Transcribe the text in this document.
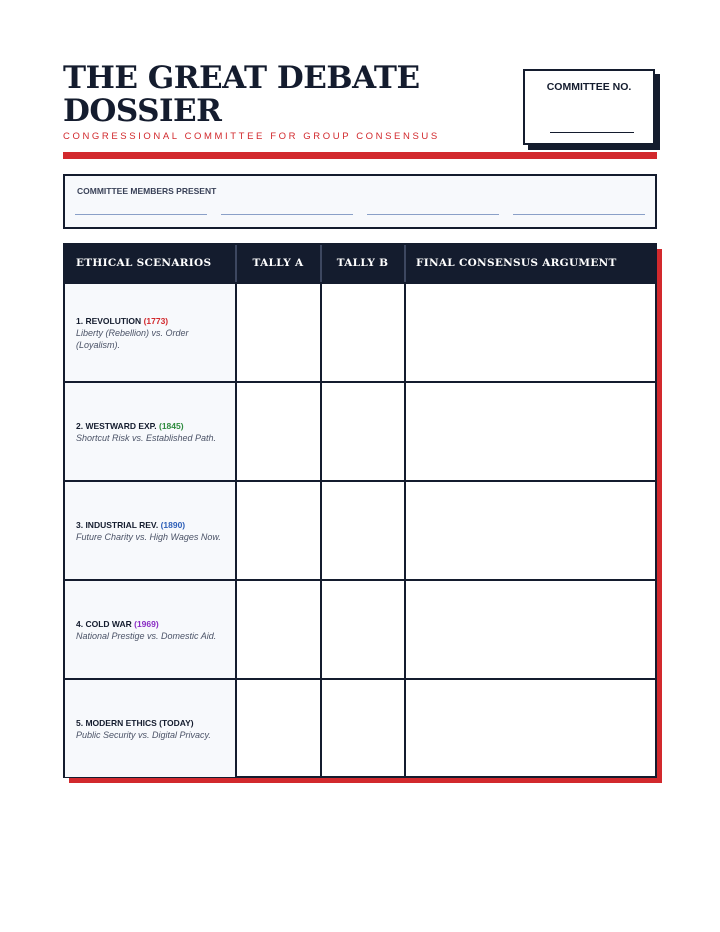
THE GREAT DEBATE
DOSSIER
CONGRESSIONAL COMMITTEE FOR GROUP CONSENSUS
COMMITTEE NO.
COMMITTEE MEMBERS PRESENT
ETHICAL SCENARIOS	TALLY A	TALLY B	FINAL CONSENSUS ARGUMENT
1. REVOLUTION (1773)
Liberty (Rebellion) vs. Order (Loyalism).
2. WESTWARD EXP. (1845)
Shortcut Risk vs. Established Path.
3. INDUSTRIAL REV. (1890)
Future Charity vs. High Wages Now.
4. COLD WAR (1969)
National Prestige vs. Domestic Aid.
5. MODERN ETHICS (TODAY)
Public Security vs. Digital Privacy.
